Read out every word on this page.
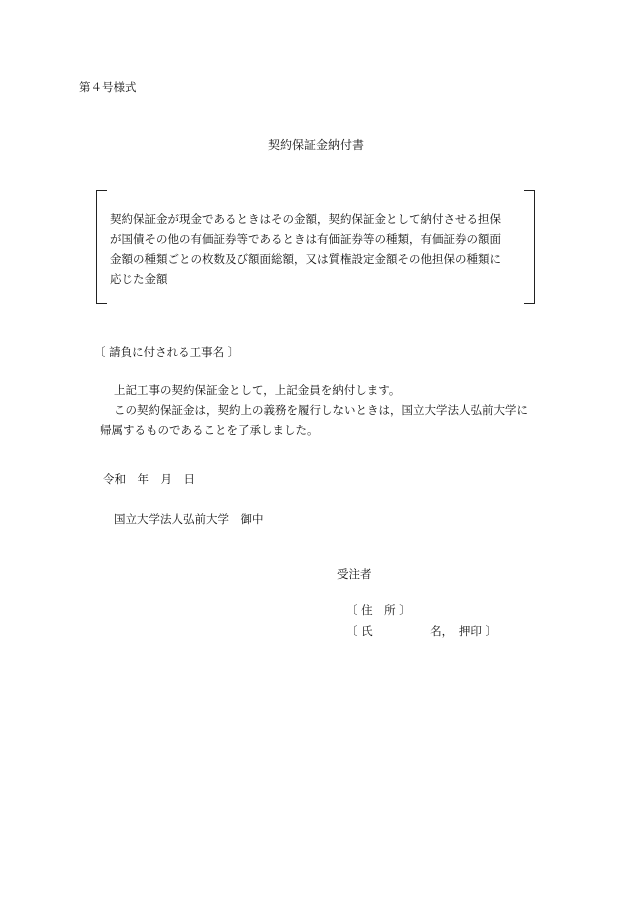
第４号様式
契約保証金納付書
契約保証金が現金であるときはその金額，契約保証金として納付させる担保
が国債その他の有価証券等であるときは有価証券等の種類，有価証券の額面
金額の種類ごとの枚数及び額面総額，又は質権設定金額その他担保の種類に
応じた金額
〔 請負に付される工事名 〕
上記工事の契約保証金として，上記金員を納付します。
この契約保証金は，契約上の義務を履行しないときは，国立大学法人弘前大学に
帰属するものであることを了承しました。
令和　年　月　日
国立大学法人弘前大学　御中
受注者
〔 住　所 〕
〔 氏　　　　　名，　押印 〕
